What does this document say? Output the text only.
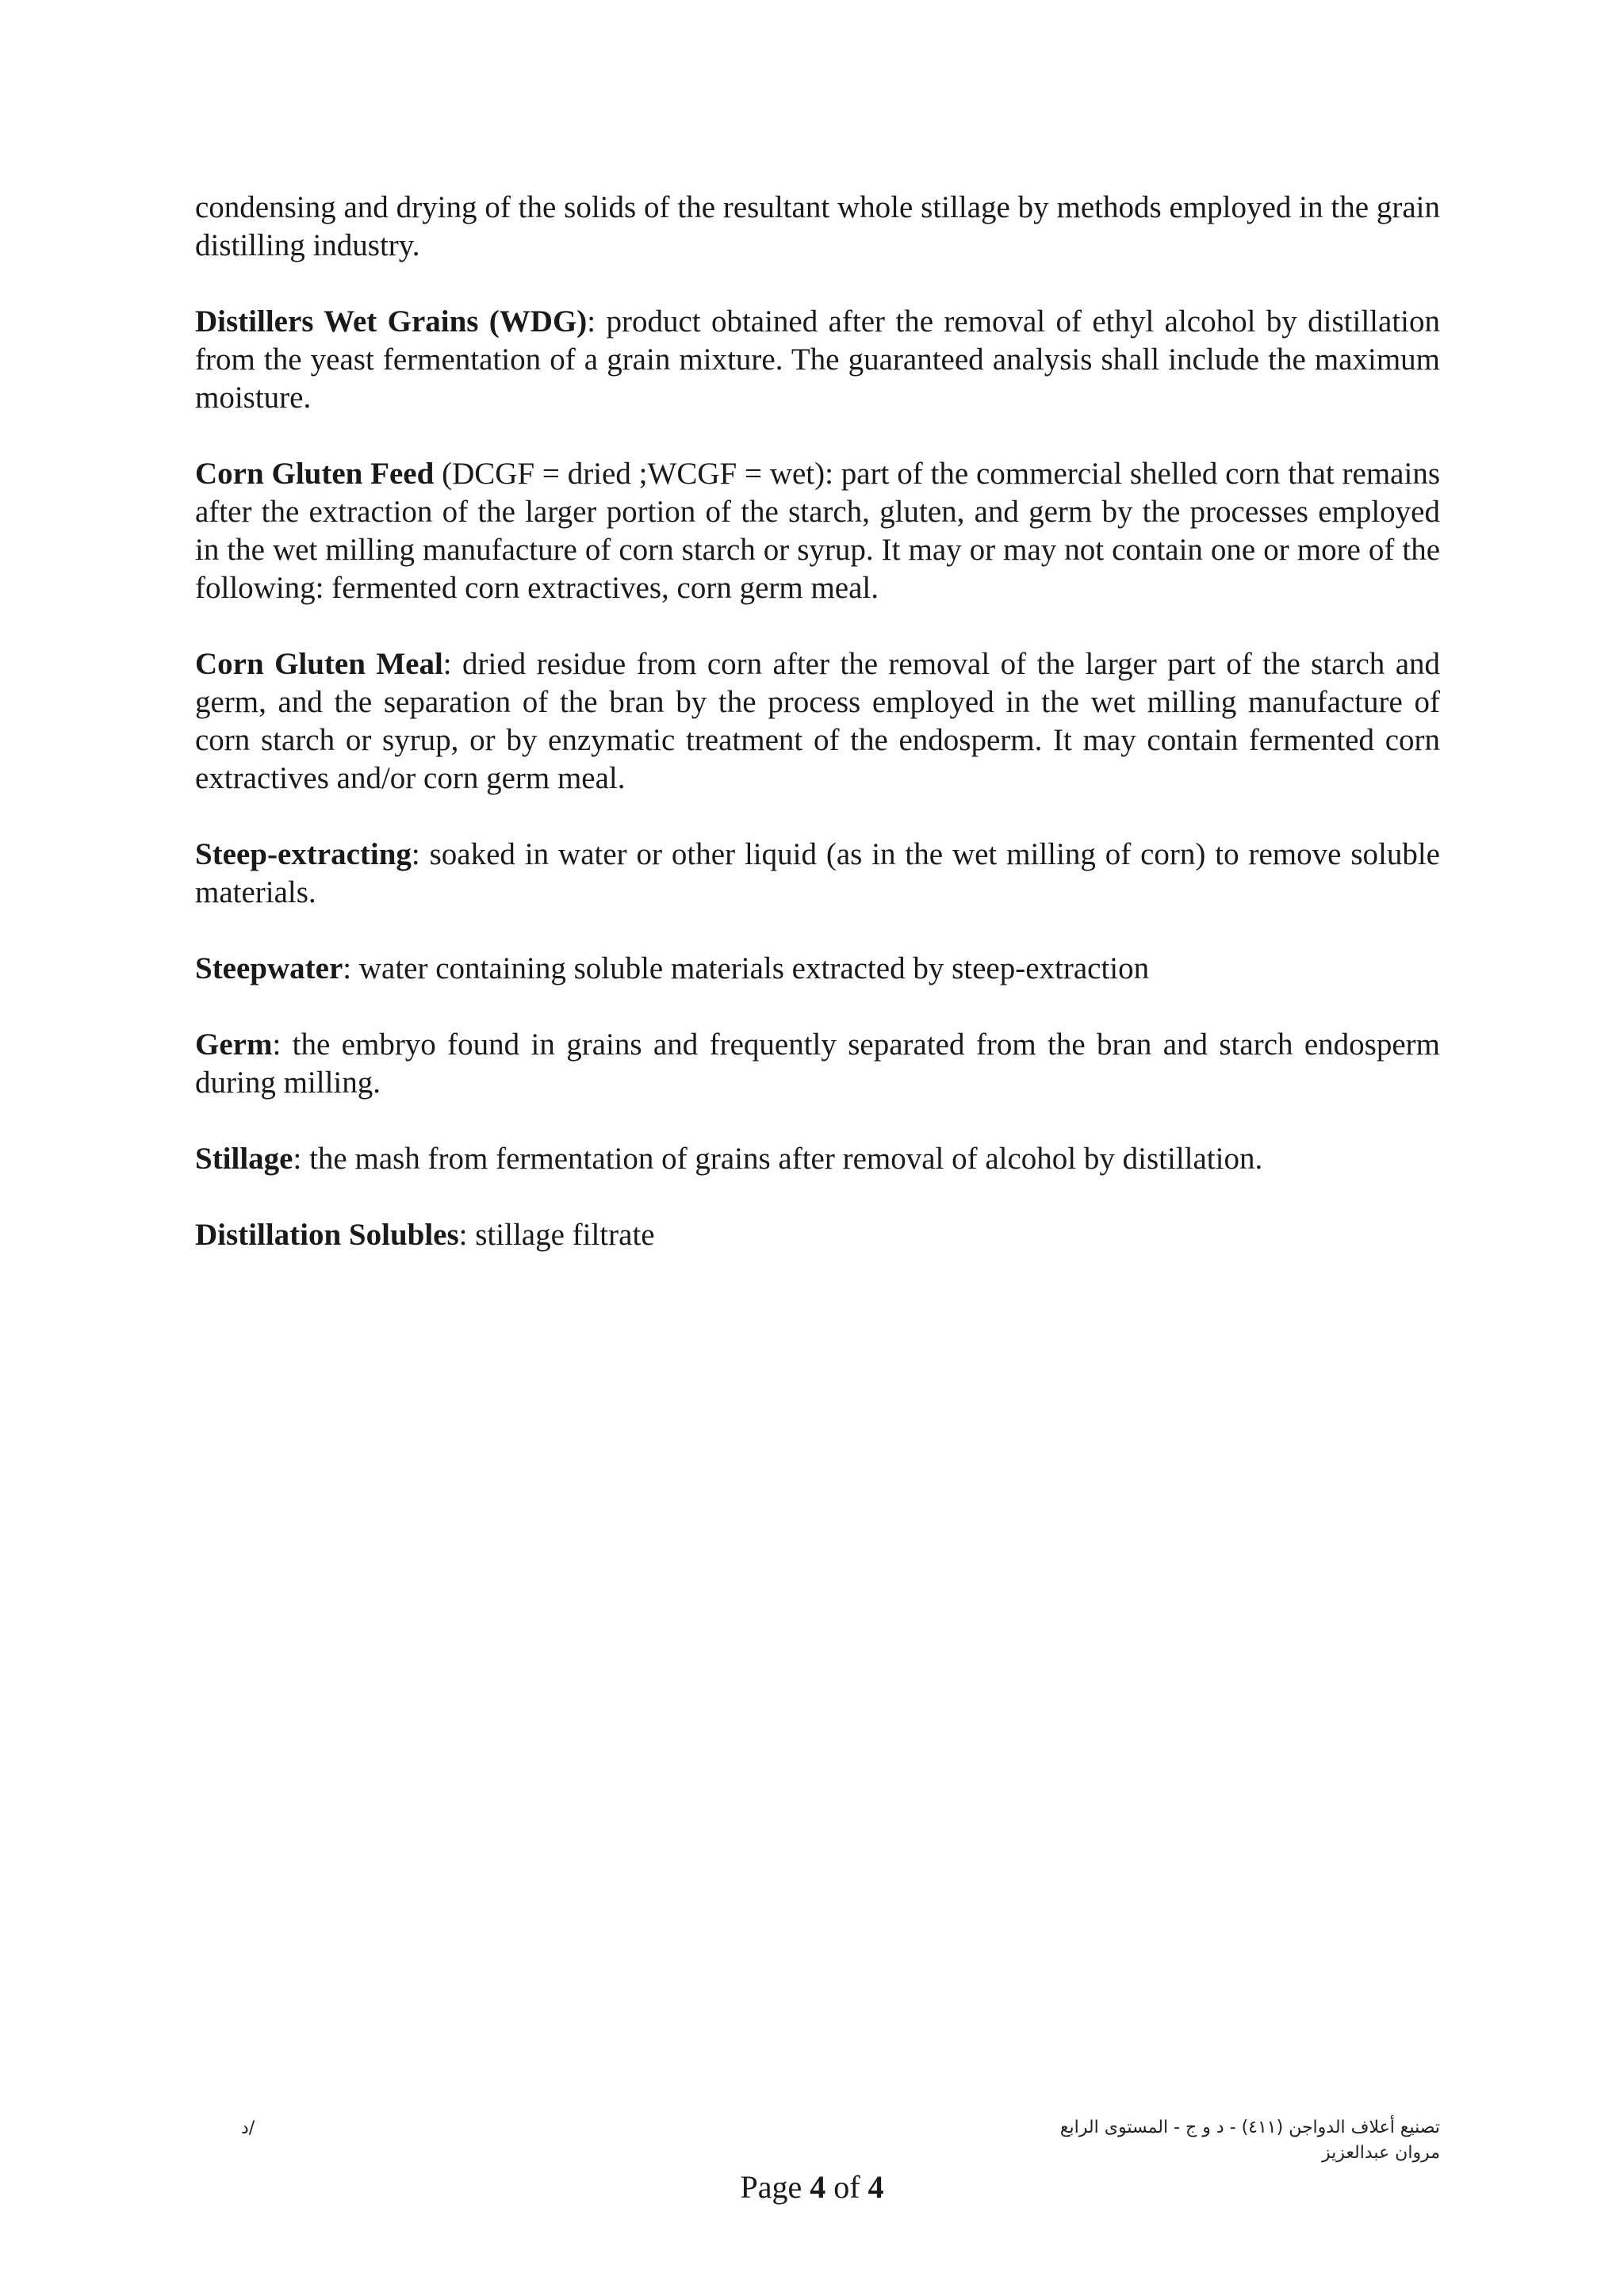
condensing and drying of the solids of the resultant whole stillage by methods employed in the grain distilling industry.

Distillers Wet Grains (WDG): product obtained after the removal of ethyl alcohol by distillation from the yeast fermentation of a grain mixture. The guaranteed analysis shall include the maximum moisture.

Corn Gluten Feed (DCGF = dried ;WCGF = wet): part of the commercial shelled corn that remains after the extraction of the larger portion of the starch, gluten, and germ by the processes employed in the wet milling manufacture of corn starch or syrup. It may or may not contain one or more of the following: fermented corn extractives, corn germ meal.

Corn Gluten Meal: dried residue from corn after the removal of the larger part of the starch and germ, and the separation of the bran by the process employed in the wet milling manufacture of corn starch or syrup, or by enzymatic treatment of the endosperm. It may contain fermented corn extractives and/or corn germ meal.

Steep-extracting: soaked in water or other liquid (as in the wet milling of corn) to remove soluble materials.

Steepwater: water containing soluble materials extracted by steep-extraction

Germ: the embryo found in grains and frequently separated from the bran and starch endosperm during milling.

Stillage: the mash from fermentation of grains after removal of alcohol by distillation.

Distillation Solubles: stillage filtrate

د/	تصنيع أعلاف الدواجن (٤١١) - د و ج - المستوى الرابع
مروان عبدالعزيز
Page 4 of 4
